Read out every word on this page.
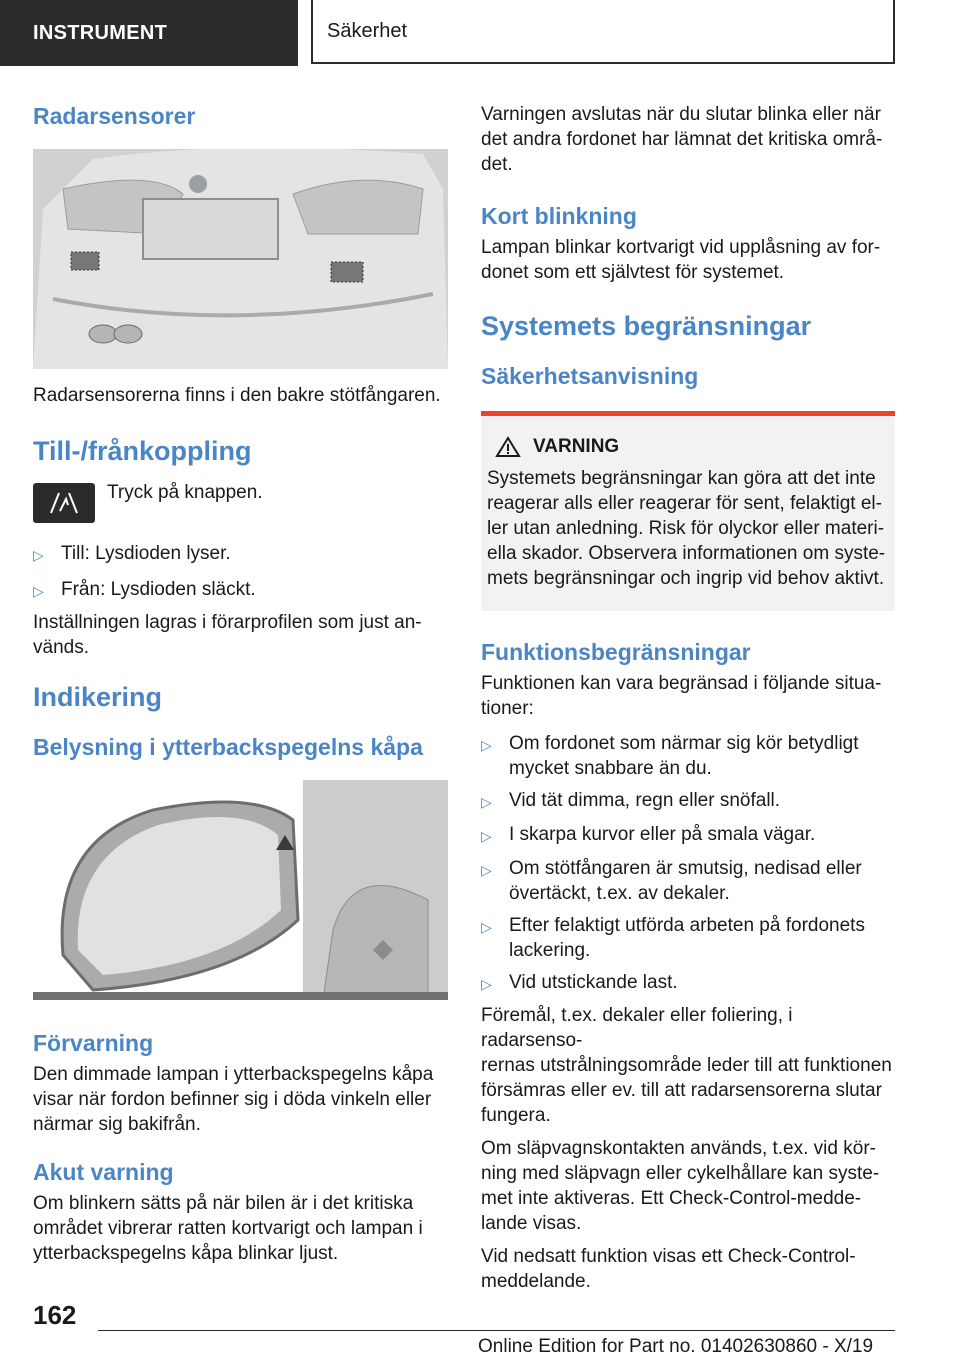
INSTRUMENT	Säkerhet
Radarsensorer

Radarsensorerna finns i den bakre stötfångaren.

Till-/frånkoppling

Tryck på knappen.

▷ Till: Lysdioden lyser.
▷ Från: Lysdioden släckt.

Inställningen lagras i förarprofilen som just an-
vänds.

Indikering
Belysning i ytterbackspegelns kåpa
Förvarning

Den dimmade lampan i ytterbackspegelns kåpa
visar när fordon befinner sig i döda vinkeln eller
närmar sig bakifrån.

Akut varning

Om blinkern sätts på när bilen är i det kritiska
området vibrerar ratten kortvarigt och lampan i
ytterbackspegelns kåpa blinkar ljust.

Varningen avslutas när du slutar blinka eller när
det andra fordonet har lämnat det kritiska områ-
det.

Kort blinkning

Lampan blinkar kortvarigt vid upplåsning av for-
donet som ett självtest för systemet.

Systemets begränsningar
Säkerhetsanvisning
VARNING

Systemets begränsningar kan göra att det inte
reagerar alls eller reagerar för sent, felaktigt el-
ler utan anledning. Risk för olyckor eller materi-
ella skador. Observera informationen om syste-
mets begränsningar och ingrip vid behov aktivt.

Funktionsbegränsningar

Funktionen kan vara begränsad i följande situa-
tioner:

▷ Om fordonet som närmar sig kör betydligt
mycket snabbare än du.
▷ Vid tät dimma, regn eller snöfall.
▷ I skarpa kurvor eller på smala vägar.
▷ Om stötfångaren är smutsig, nedisad eller
övertäckt, t.ex. av dekaler.
▷ Efter felaktigt utförda arbeten på fordonets
lackering.
▷ Vid utstickande last.

Föremål, t.ex. dekaler eller foliering, i radarsenso-
rernas utstrålningsområde leder till att funktionen
försämras eller ev. till att radarsensorerna slutar
fungera.

Om släpvagnskontakten används, t.ex. vid kör-
ning med släpvagn eller cykelhållare kan syste-
met inte aktiveras. Ett Check-Control-medde-
lande visas.

Vid nedsatt funktion visas ett Check-Control-
meddelande.

162
Online Edition for Part no. 01402630860 - X/19
